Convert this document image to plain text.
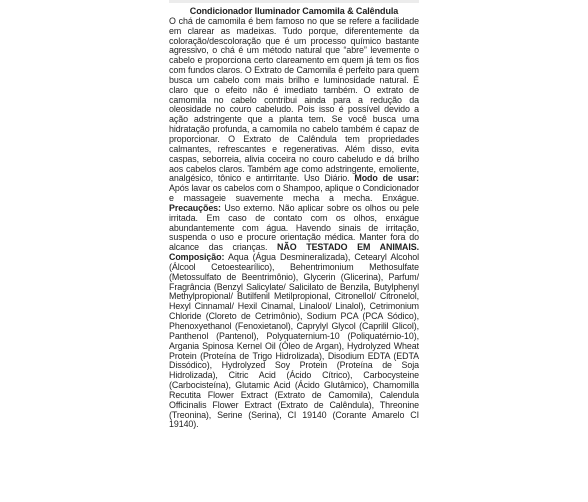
Condicionador Iluminador Camomila & Calêndula

O chá de camomila é bem famoso no que se refere a facilidade em clarear as madeixas. Tudo porque, diferentemente da coloração/descoloração que é um processo químico bastante agressivo, o chá é um método natural que “abre” levemente o cabelo e proporciona certo clareamento em quem já tem os fios com fundos claros. O Extrato de Camomila é perfeito para quem busca um cabelo com mais brilho e luminosidade natural. É claro que o efeito não é imediato também. O extrato de camomila no cabelo contribui ainda para a redução da oleosidade no couro cabeludo. Pois isso é possível devido a ação adstringente que a planta tem. Se você busca uma hidratação profunda, a camomila no cabelo também é capaz de proporcionar. O Extrato de Calêndula tem propriedades calmantes, refrescantes e regenerativas. Além disso, evita caspas, seborreia, alivia coceira no couro cabeludo e dá brilho aos cabelos claros. Também age como adstringente, emoliente, analgésico, tônico e antirritante. Uso Diário. Modo de usar: Após lavar os cabelos com o Shampoo, aplique o Condicionador e massageie suavemente mecha a mecha. Enxágue. Precauções: Uso externo. Não aplicar sobre os olhos ou pele irritada. Em caso de contato com os olhos, enxágue abundantemente com água. Havendo sinais de irritação, suspenda o uso e procure orientação médica. Manter fora do alcance das crianças. NÃO TESTADO EM ANIMAIS. Composição: Aqua (Água Desmineralizada), Cetearyl Alcohol (Álcool Cetoestearílico), Behentrimonium Methosulfate (Metossulfato de Beentrimônio), Glycerin (Glicerina), Parfum/ Fragrância (Benzyl Salicylate/ Salicilato de Benzila, Butylphenyl Methylpropional/ Butilfenil Metilpropional, Citronellol/ Citronelol, Hexyl Cinnamal/ Hexil Cinamal, Linalool/ Linalol), Cetrimonium Chloride (Cloreto de Cetrimônio), Sodium PCA (PCA Sódico), Phenoxyethanol (Fenoxietanol), Caprylyl Glycol (Caprilil Glicol), Panthenol (Pantenol), Polyquaternium-10 (Poliquatérnio-10), Argania Spinosa Kernel Oil (Óleo de Argan), Hydrolyzed Wheat Protein (Proteína de Trigo Hidrolizada), Disodium EDTA (EDTA Dissódico), Hydrolyzed Soy Protein (Proteína de Soja Hidrolizada), Citric Acid (Ácido Cítrico), Carbocysteine (Carbocisteína), Glutamic Acid (Ácido Glutâmico), Chamomilla Recutita Flower Extract (Extrato de Camomila), Calendula Officinalis Flower Extract (Extrato de Calêndula), Threonine (Treonina), Serine (Serina), CI 19140 (Corante Amarelo CI 19140).
